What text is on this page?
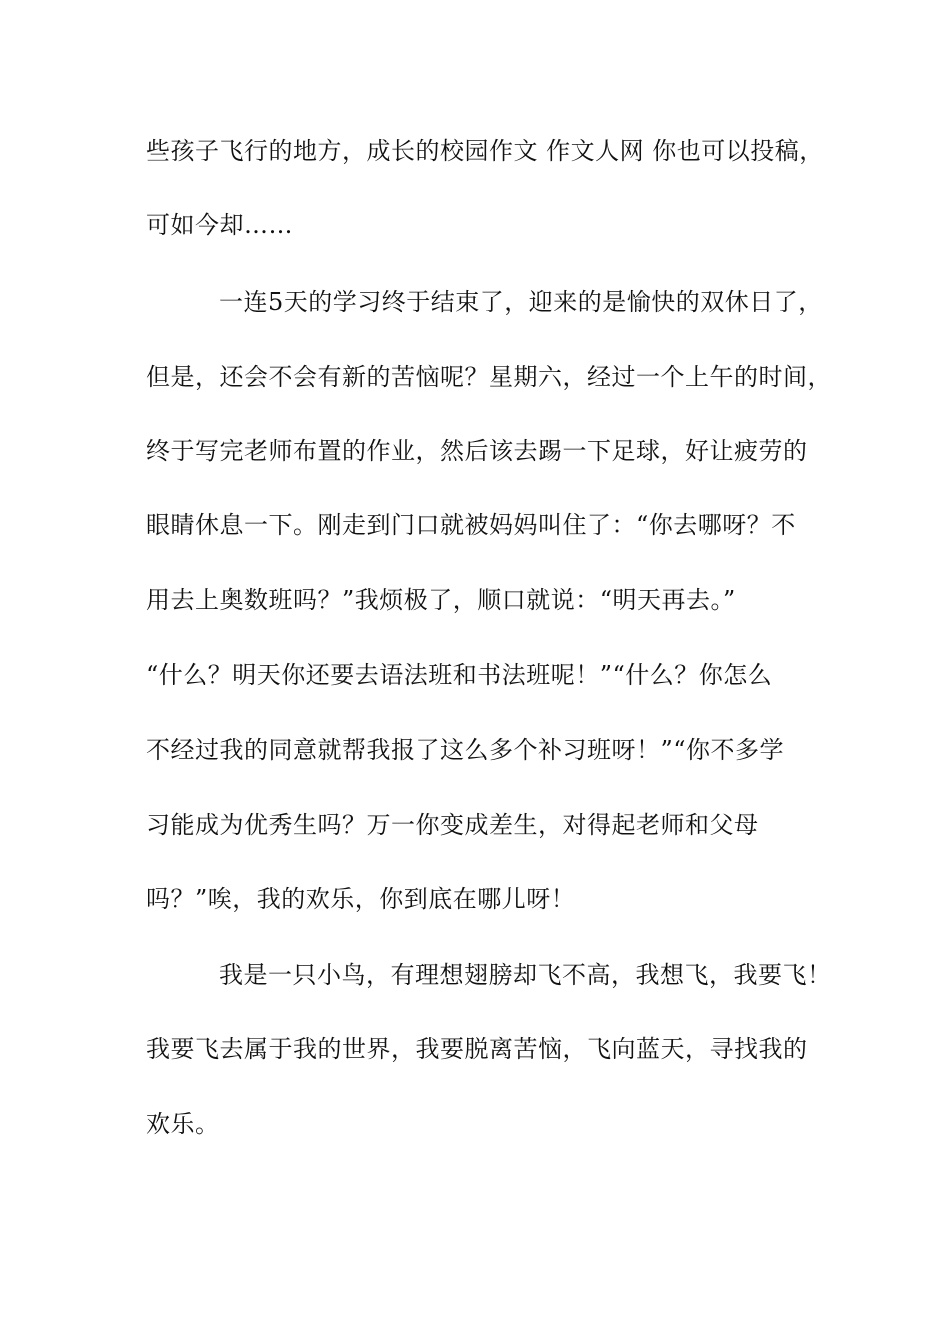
些孩子飞行的地方，成长的校园作文 作文人网 你也可以投稿，
可如今却……
一连5天的学习终于结束了，迎来的是愉快的双休日了，
但是，还会不会有新的苦恼呢？星期六，经过一个上午的时间，
终于写完老师布置的作业，然后该去踢一下足球，好让疲劳的
眼睛休息一下。刚走到门口就被妈妈叫住了：“你去哪呀？不
用去上奥数班吗？”我烦极了，顺口就说：“明天再去。”
“什么？明天你还要去语法班和书法班呢！”“什么？你怎么
不经过我的同意就帮我报了这么多个补习班呀！”“你不多学
习能成为优秀生吗？万一你变成差生，对得起老师和父母
吗？”唉，我的欢乐，你到底在哪儿呀！
我是一只小鸟，有理想翅膀却飞不高，我想飞，我要飞！
我要飞去属于我的世界，我要脱离苦恼，飞向蓝天，寻找我的
欢乐。
